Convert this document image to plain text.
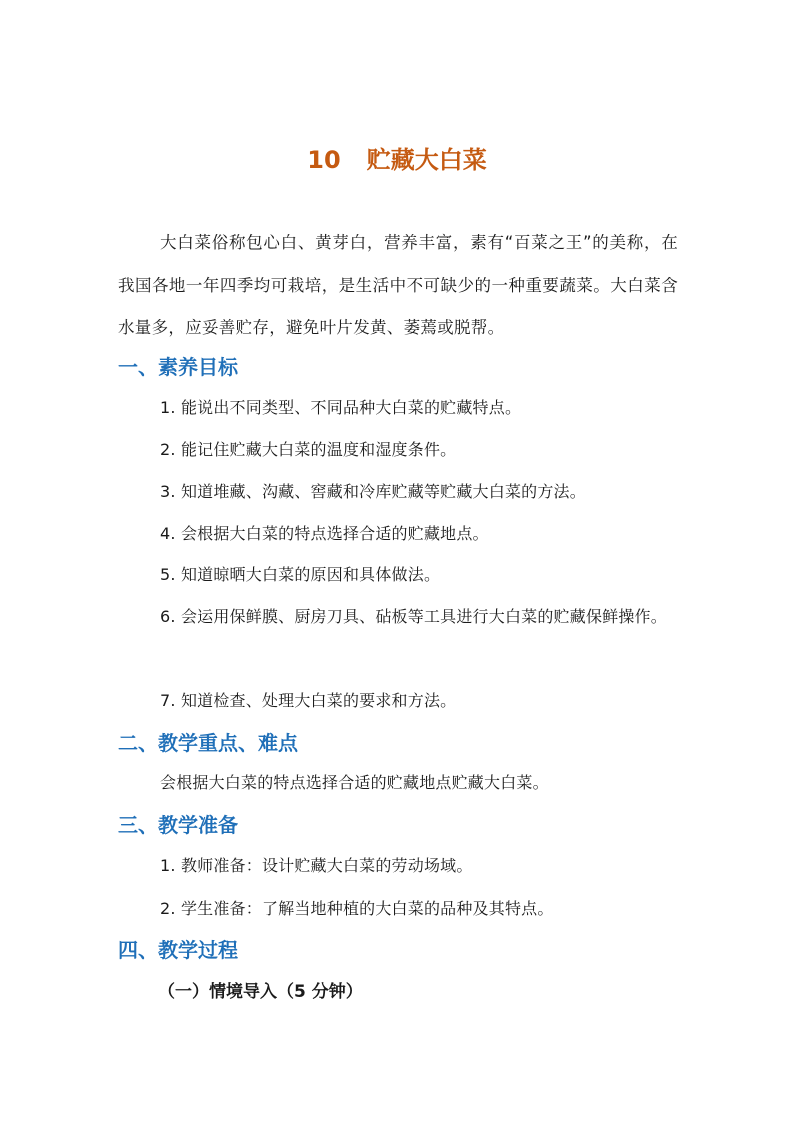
10 贮藏大白菜
大白菜俗称包心白、黄芽白，营养丰富，素有“百菜之王”的美称，在我国各地一年四季均可栽培，是生活中不可缺少的一种重要蔬菜。大白菜含水量多，应妥善贮存，避免叶片发黄、萎蔫或脱帮。
一、素养目标
1. 能说出不同类型、不同品种大白菜的贮藏特点。
2. 能记住贮藏大白菜的温度和湿度条件。
3. 知道堆藏、沟藏、窖藏和冷库贮藏等贮藏大白菜的方法。
4. 会根据大白菜的特点选择合适的贮藏地点。
5. 知道晾晒大白菜的原因和具体做法。
6. 会运用保鲜膜、厨房刀具、砧板等工具进行大白菜的贮藏保鲜操作。
7. 知道检查、处理大白菜的要求和方法。
二、教学重点、难点
会根据大白菜的特点选择合适的贮藏地点贮藏大白菜。
三、教学准备
1. 教师准备：设计贮藏大白菜的劳动场域。
2. 学生准备：了解当地种植的大白菜的品种及其特点。
四、教学过程
（一）情境导入（5 分钟）
